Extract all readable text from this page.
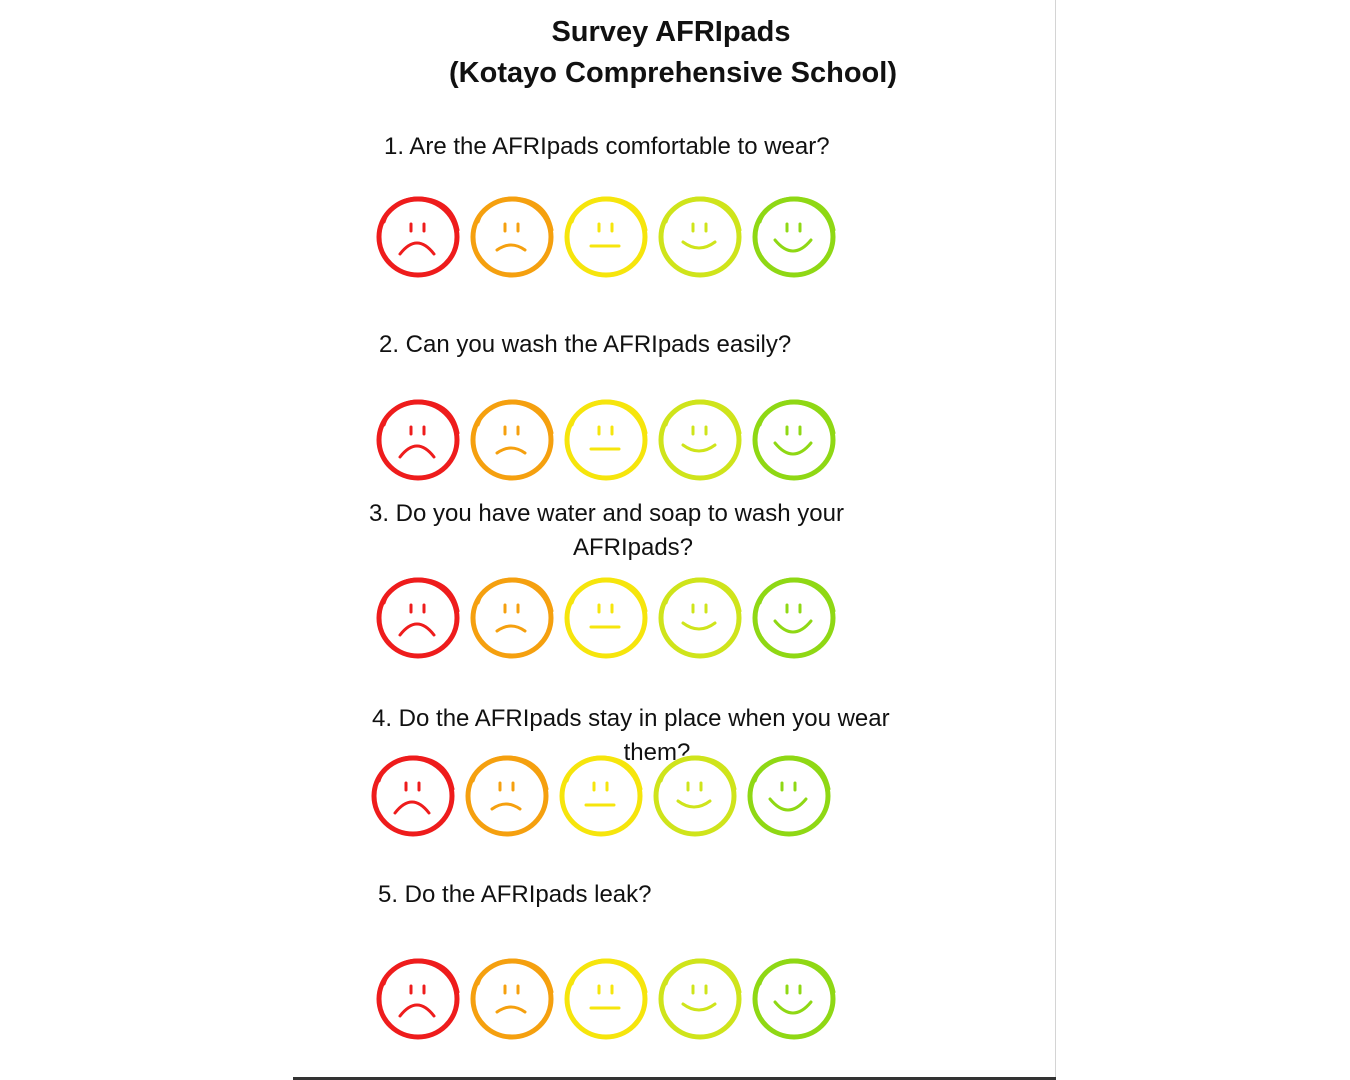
Survey AFRIpads
(Kotayo Comprehensive School)
1. Are the AFRIpads comfortable to wear?
2. Can you wash the AFRIpads easily?
3. Do you have water and soap to wash your
AFRIpads?
4. Do the AFRIpads stay in place when you wear
them?
5. Do the AFRIpads leak?
